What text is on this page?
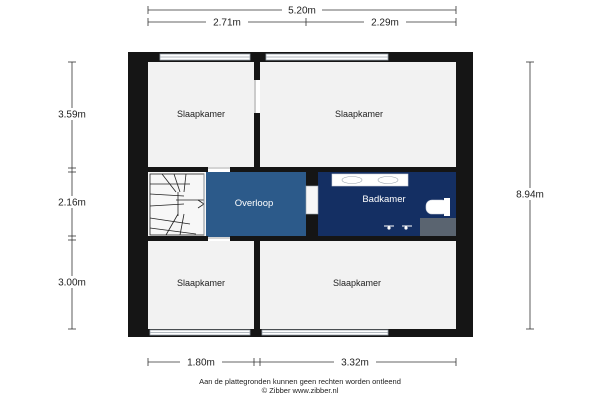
Slaapkamer	Slaapkamer
Overloop	Badkamer
Slaapkamer	Slaapkamer
5.20m
2.71m	2.29m
3.59m
2.16m
3.00m
8.94m
1.80m	3.32m
Aan de plattegronden kunnen geen rechten worden ontleend
© Zibber www.zibber.nl
